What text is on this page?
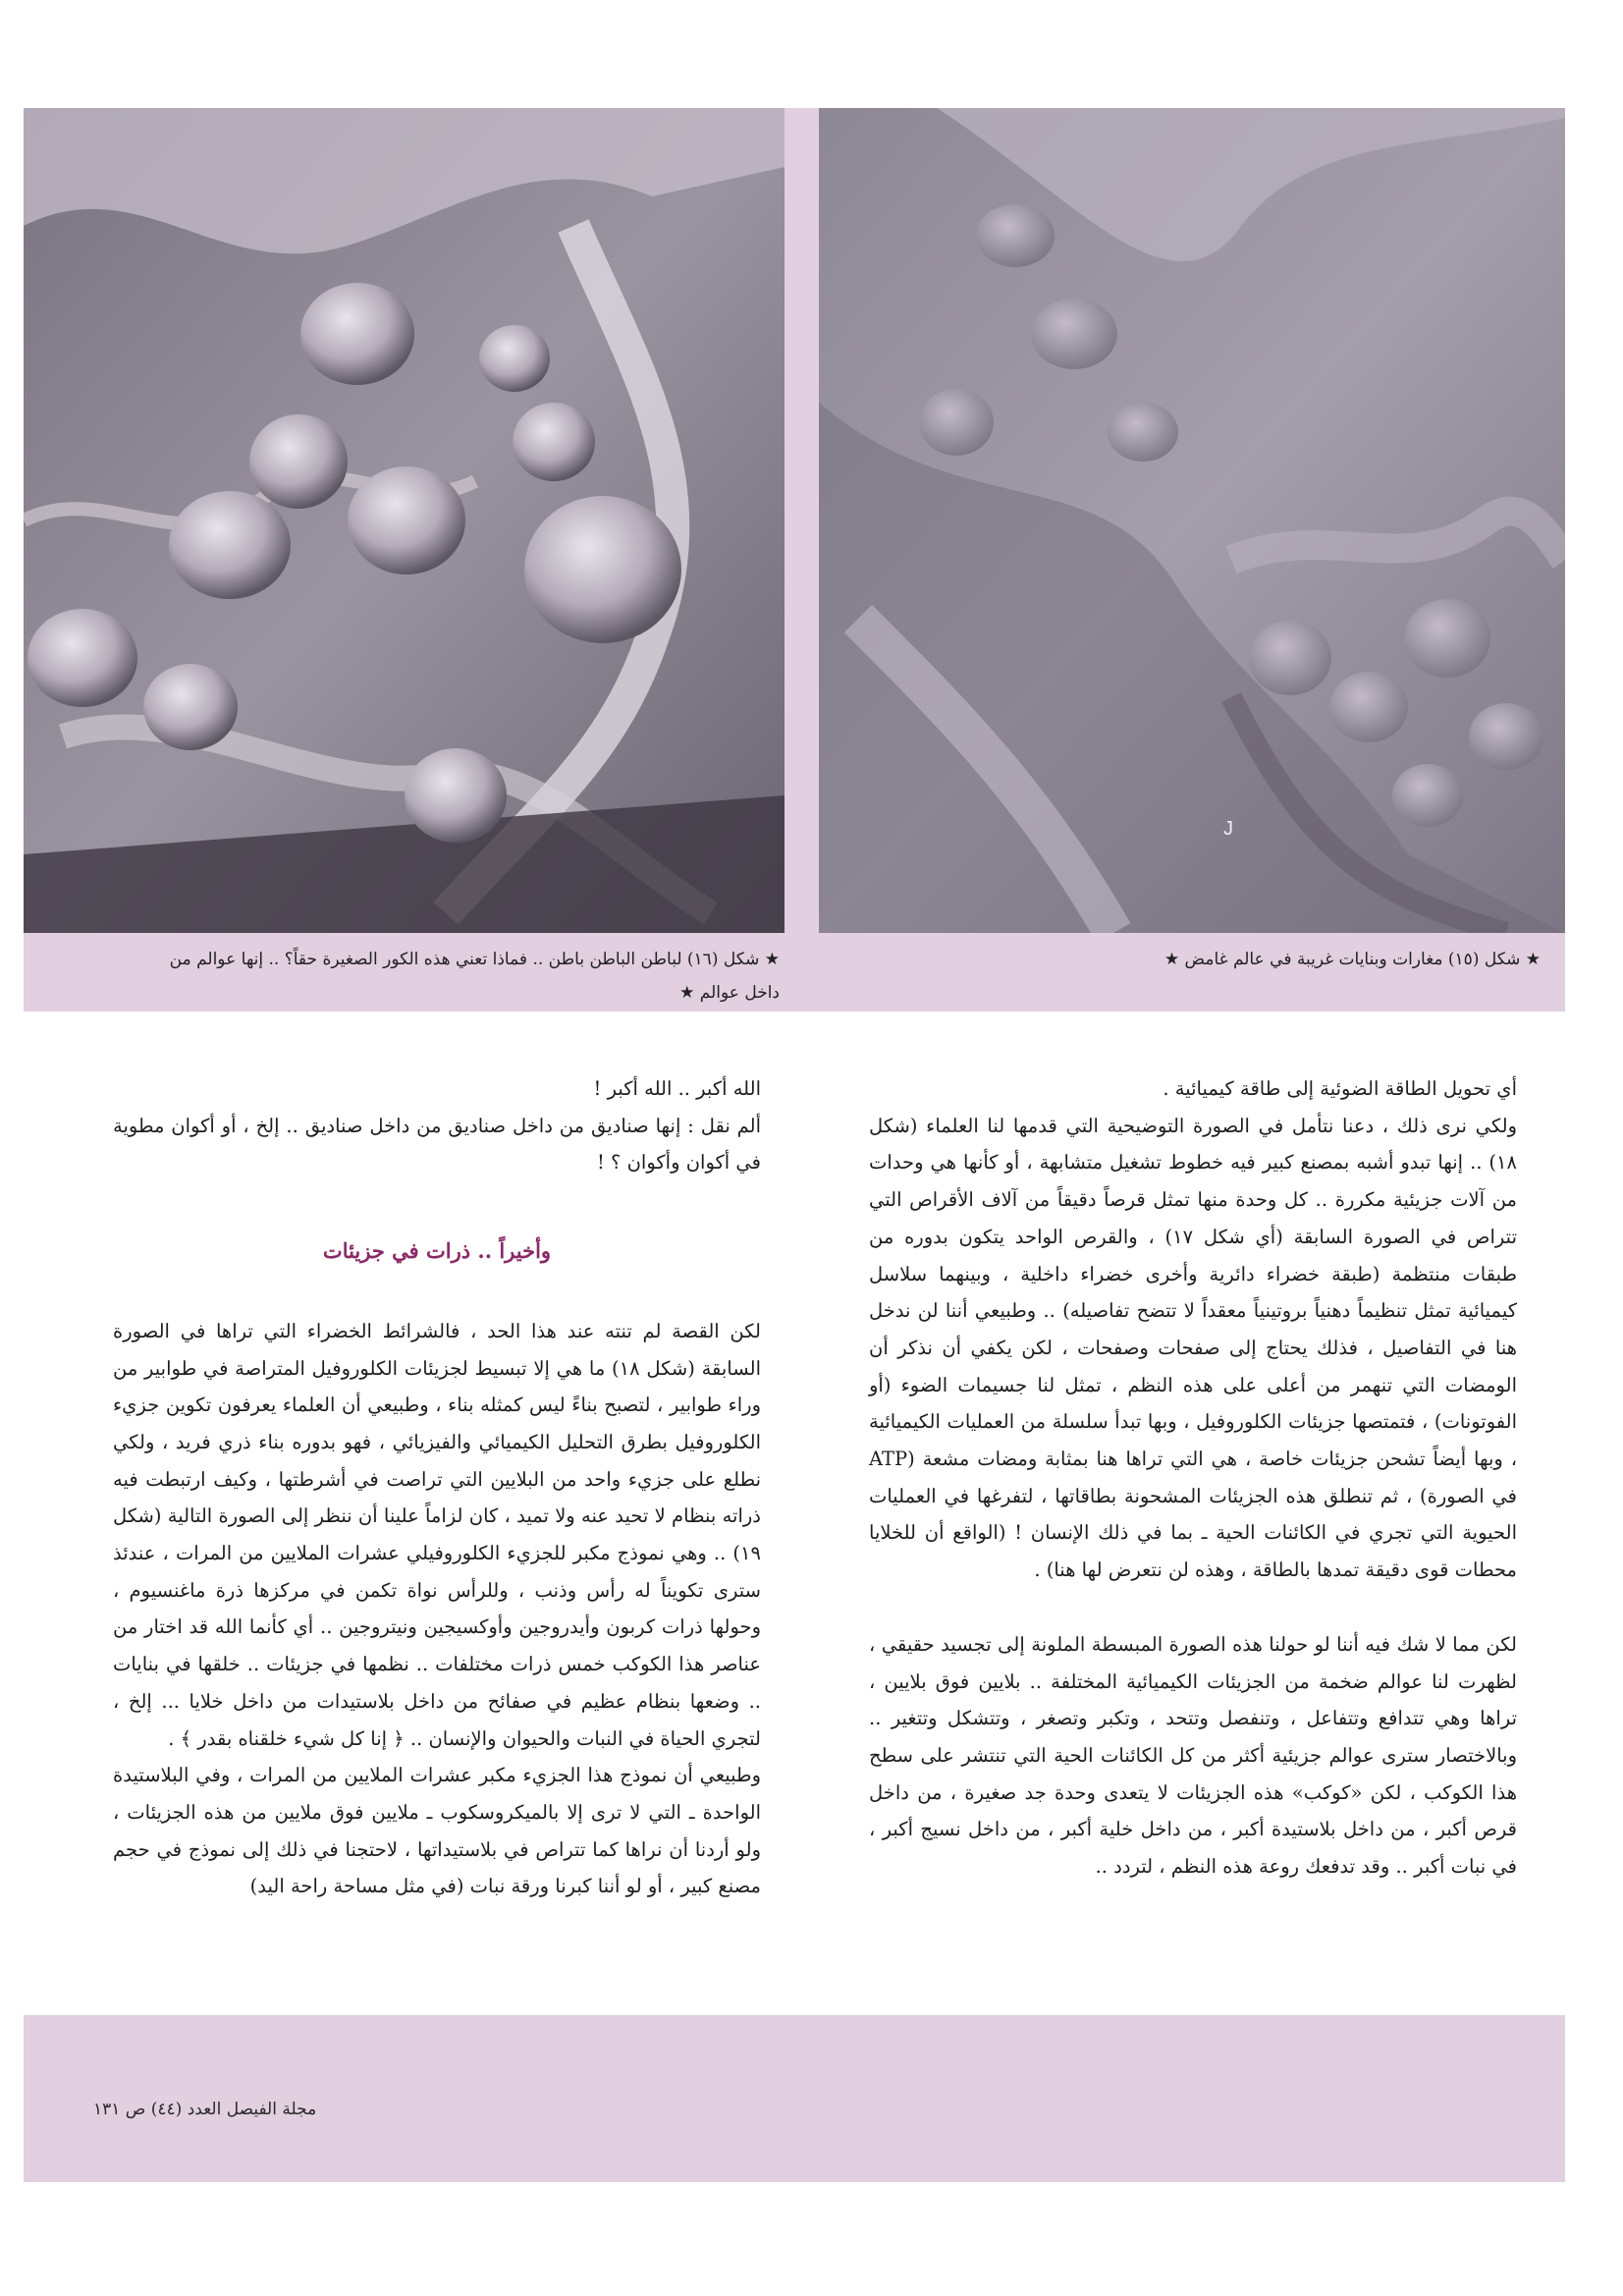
J
★ شكل (١٦) لباطن الباطن باطن .. فماذا تعني هذه الكور الصغيرة حقاً؟ .. إنها عوالم من داخل عوالم ★
★ شكل (١٥) مغارات وبنايات غريبة في عالم غامض ★

أي تحويل الطاقة الضوئية إلى طاقة كيميائية .

ولكي نرى ذلك ، دعنا نتأمل في الصورة التوضيحية التي قدمها لنا العلماء (شكل ١٨) .. إنها تبدو أشبه بمصنع كبير فيه خطوط تشغيل متشابهة ، أو كأنها هي وحدات من آلات جزيئية مكررة .. كل وحدة منها تمثل قرصاً دقيقاً من آلاف الأقراص التي تتراص في الصورة السابقة (أي شكل ١٧) ، والقرص الواحد يتكون بدوره من طبقات منتظمة (طبقة خضراء دائرية وأخرى خضراء داخلية ، وبينهما سلاسل كيميائية تمثل تنظيماً دهنياً بروتينياً معقداً لا تتضح تفاصيله) .. وطبيعي أننا لن ندخل هنا في التفاصيل ، فذلك يحتاج إلى صفحات وصفحات ، لكن يكفي أن نذكر أن الومضات التي تنهمر من أعلى على هذه النظم ، تمثل لنا جسيمات الضوء (أو الفوتونات) ، فتمتصها جزيئات الكلوروفيل ، وبها تبدأ سلسلة من العمليات الكيميائية ، وبها أيضاً تشحن جزيئات خاصة ، هي التي تراها هنا بمثابة ومضات مشعة (ATP في الصورة) ، ثم تنطلق هذه الجزيئات المشحونة بطاقاتها ، لتفرغها في العمليات الحيوية التي تجري في الكائنات الحية ـ بما في ذلك الإنسان ! (الواقع أن للخلايا محطات قوى دقيقة تمدها بالطاقة ، وهذه لن نتعرض لها هنا) .

لكن مما لا شك فيه أننا لو حولنا هذه الصورة المبسطة الملونة إلى تجسيد حقيقي ، لظهرت لنا عوالم ضخمة من الجزيئات الكيميائية المختلفة .. بلايين فوق بلايين ، تراها وهي تتدافع وتتفاعل ، وتنفصل وتتحد ، وتكبر وتصغر ، وتتشكل وتتغير .. وبالاختصار سترى عوالم جزيئية أكثر من كل الكائنات الحية التي تنتشر على سطح هذا الكوكب ، لكن «كوكب» هذه الجزيئات لا يتعدى وحدة جد صغيرة ، من داخل قرص أكبر ، من داخل بلاستيدة أكبر ، من داخل خلية أكبر ، من داخل نسيج أكبر ، في نبات أكبر .. وقد تدفعك روعة هذه النظم ، لتردد ..

الله أكبر .. الله أكبر !

ألم نقل : إنها صناديق من داخل صناديق من داخل صناديق .. إلخ ، أو أكوان مطوية في أكوان وأكوان ؟ !

وأخيراً .. ذرات في جزيئات

لكن القصة لم تنته عند هذا الحد ، فالشرائط الخضراء التي تراها في الصورة السابقة (شكل ١٨) ما هي إلا تبسيط لجزيئات الكلوروفيل المتراصة في طوابير من وراء طوابير ، لتصبح بناءً ليس كمثله بناء ، وطبيعي أن العلماء يعرفون تكوين جزيء الكلوروفيل بطرق التحليل الكيميائي والفيزيائي ، فهو بدوره بناء ذري فريد ، ولكي نطلع على جزيء واحد من البلايين التي تراصت في أشرطتها ، وكيف ارتبطت فيه ذراته بنظام لا تحيد عنه ولا تميد ، كان لزاماً علينا أن ننظر إلى الصورة التالية (شكل ١٩) .. وهي نموذج مكبر للجزيء الكلوروفيلي عشرات الملايين من المرات ، عندئذ سترى تكويناً له رأس وذنب ، وللرأس نواة تكمن في مركزها ذرة ماغنسيوم ، وحولها ذرات كربون وأيدروجين وأوكسيجين ونيتروجين .. أي كأنما الله قد اختار من عناصر هذا الكوكب خمس ذرات مختلفات .. نظمها في جزيئات .. خلقها في بنايات .. وضعها بنظام عظيم في صفائح من داخل بلاستيدات من داخل خلايا ... إلخ ، لتجري الحياة في النبات والحيوان والإنسان .. ﴿ إنا كل شيء خلقناه بقدر ﴾ .

وطبيعي أن نموذج هذا الجزيء مكبر عشرات الملايين من المرات ، وفي البلاستيدة الواحدة ـ التي لا ترى إلا بالميكروسكوب ـ ملايين فوق ملايين من هذه الجزيئات ، ولو أردنا أن نراها كما تتراص في بلاستيداتها ، لاحتجنا في ذلك إلى نموذج في حجم مصنع كبير ، أو لو أننا كبرنا ورقة نبات (في مثل مساحة راحة اليد)

مجلة الفيصل العدد (٤٤) ص ١٣١
